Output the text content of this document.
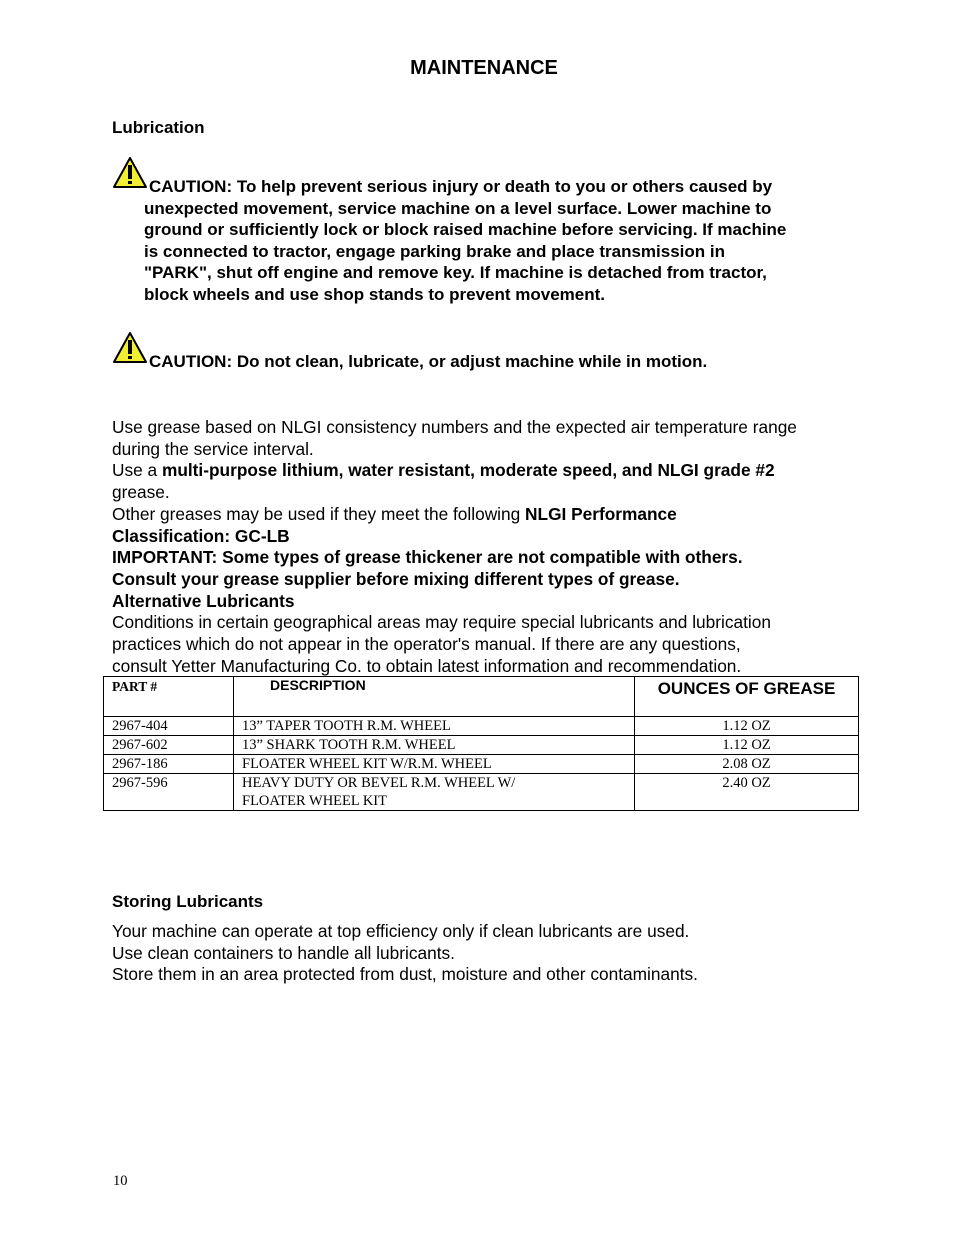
MAINTENANCE
Lubrication
CAUTION: To help prevent serious injury or death to you or others caused by
unexpected movement, service machine on a level surface. Lower machine to
ground or sufficiently lock or block raised machine before servicing. If machine
is connected to tractor, engage parking brake and place transmission in
"PARK", shut off engine and remove key. If machine is detached from tractor,
block wheels and use shop stands to prevent movement.
CAUTION: Do not clean, lubricate, or adjust machine while in motion.
Use grease based on NLGI consistency numbers and the expected air temperature range
during the service interval.
Use a multi-purpose lithium, water resistant, moderate speed, and NLGI grade #2
grease.
Other greases may be used if they meet the following NLGI Performance
Classification: GC-LB
IMPORTANT: Some types of grease thickener are not compatible with others.
Consult your grease supplier before mixing different types of grease.
Alternative Lubricants
Conditions in certain geographical areas may require special lubricants and lubrication
practices which do not appear in the operator's manual. If there are any questions,
consult Yetter Manufacturing Co. to obtain latest information and recommendation.
PART #	DESCRIPTION	OUNCES OF GREASE
2967-404	13” TAPER TOOTH R.M. WHEEL	1.12 OZ
2967-602	13” SHARK TOOTH R.M. WHEEL	1.12 OZ
2967-186	FLOATER WHEEL KIT W/R.M. WHEEL	2.08 OZ
2967-596	HEAVY DUTY OR BEVEL R.M. WHEEL W/
FLOATER WHEEL KIT	2.40 OZ
Storing Lubricants
Your machine can operate at top efficiency only if clean lubricants are used.
Use clean containers to handle all lubricants.
Store them in an area protected from dust, moisture and other contaminants.
10
